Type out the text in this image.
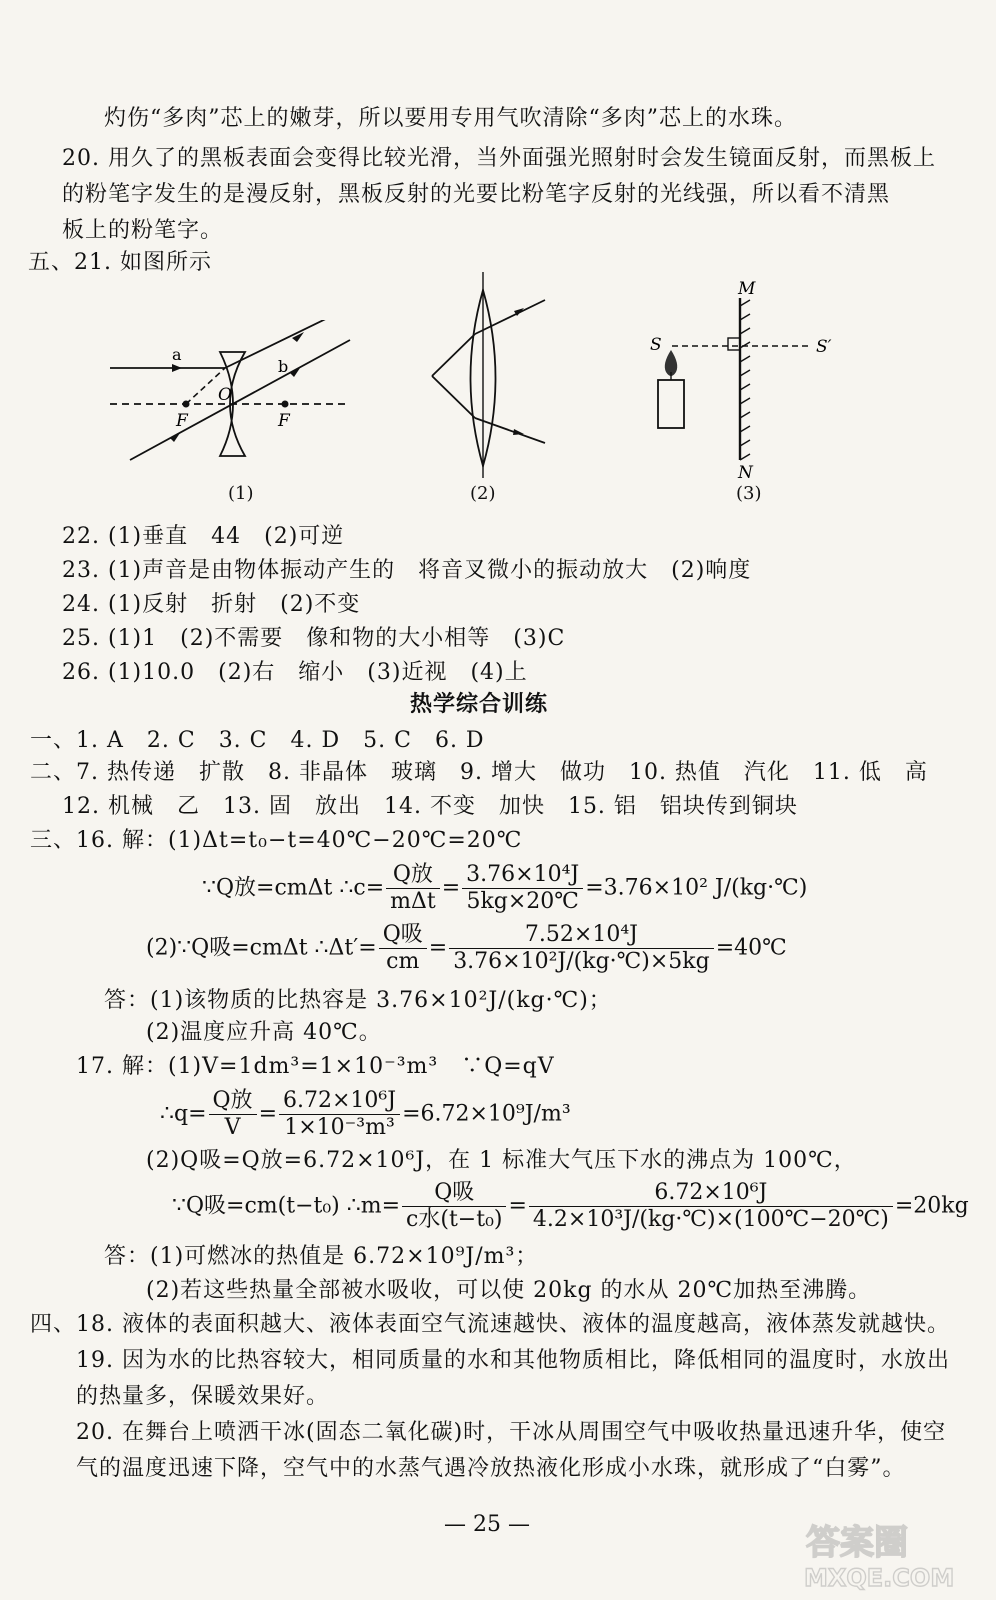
灼伤“多肉”芯上的嫩芽，所以要用专用气吹清除“多肉”芯上的水珠。
20. 用久了的黑板表面会变得比较光滑，当外面强光照射时会发生镜面反射，而黑板上
的粉笔字发生的是漫反射，黑板反射的光要比粉笔字反射的光线强，所以看不清黑
板上的粉笔字。
五、21. 如图所示
a
b
O
F	F
(1)	(2)
M
N
S	S′
(3)
22. (1)垂直　44　(2)可逆
23. (1)声音是由物体振动产生的　将音叉微小的振动放大　(2)响度
24. (1)反射　折射　(2)不变
25. (1)1　(2)不需要　像和物的大小相等　(3)C
26. (1)10.0　(2)右　缩小　(3)近视　(4)上
热学综合训练
一、1. A　2. C　3. C　4. D　5. C　6. D
二、7. 热传递　扩散　8. 非晶体　玻璃　9. 增大　做功　10. 热值　汽化　11. 低　高
12. 机械　乙　13. 固　放出　14. 不变　加快　15. 铝　铝块传到铜块
三、16. 解：(1)Δt=t₀−t=40℃−20℃=20℃
∵Q放=cmΔt ∴c= $\frac{\text{Q放}}{\text{mΔt}} = \frac{\text{3.76×10⁴J}}{5kg\times 20℃} =3.76\times 10^2$ J/(kg·℃)
(2)∵Q吸=cmΔt ∴Δt′= $\frac{\text{Q吸}}{cm} = \frac{\text{7.52×10⁴J}}{\text{3.76×10²J/(kg·℃)×5kg}}$ =40℃
答：(1)该物质的比热容是 3.76×10²J/(kg·℃)；
(2)温度应升高 40℃。
17. 解：(1)V=1dm³=1×10⁻³m³　∵Q=qV
∴q= $\frac{\text{Q放}}{V} = \frac{\text{6.72×10⁶J}}{\text{1×10⁻³m³}} =6.72\times 10^9J/m^3$
(2)Q吸=Q放=6.72×10⁶J，在 1 标准大气压下水的沸点为 100℃，
∵Q吸=cm(t−t₀) ∴m= $\frac{\text{Q吸}}{\text{c水(t−t₀)}} = \frac{\text{6.72×10⁶J}}{\text{4.2×10³J/(kg·℃)×(100℃−20℃)}} =20kg$
答：(1)可燃冰的热值是 6.72×10⁹J/m³；
(2)若这些热量全部被水吸收，可以使 20kg 的水从 20℃加热至沸腾。
四、18. 液体的表面积越大、液体表面空气流速越快、液体的温度越高，液体蒸发就越快。
19. 因为水的比热容较大，相同质量的水和其他物质相比，降低相同的温度时，水放出
的热量多，保暖效果好。
20. 在舞台上喷洒干冰(固态二氧化碳)时，干冰从周围空气中吸收热量迅速升华，使空
气的温度迅速下降，空气中的水蒸气遇冷放热液化形成小水珠，就形成了“白雾”。
— 25 —	答案圈
MXQE.COM
